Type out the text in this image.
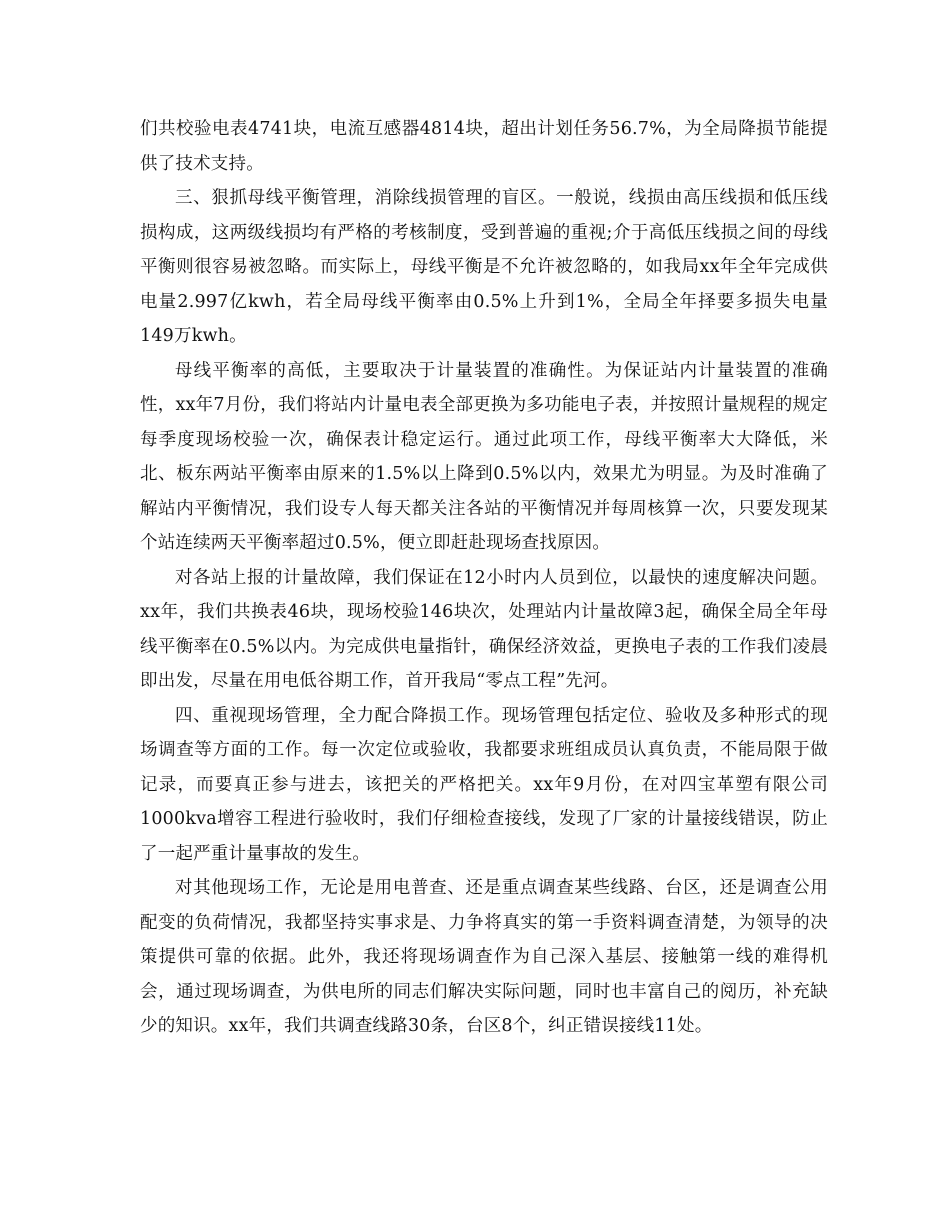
们共校验电表4741块，电流互感器4814块，超出计划任务56.7%，为全局降损节能提供了技术支持。

三、狠抓母线平衡管理，消除线损管理的盲区。一般说，线损由高压线损和低压线损构成，这两级线损均有严格的考核制度，受到普遍的重视;介于高低压线损之间的母线平衡则很容易被忽略。而实际上，母线平衡是不允许被忽略的，如我局xx年全年完成供电量2.997亿kwh，若全局母线平衡率由0.5%上升到1%，全局全年择要多损失电量149万kwh。

母线平衡率的高低，主要取决于计量装置的准确性。为保证站内计量装置的准确性，xx年7月份，我们将站内计量电表全部更换为多功能电子表，并按照计量规程的规定每季度现场校验一次，确保表计稳定运行。通过此项工作，母线平衡率大大降低，米北、板东两站平衡率由原来的1.5%以上降到0.5%以内，效果尤为明显。为及时准确了解站内平衡情况，我们设专人每天都关注各站的平衡情况并每周核算一次，只要发现某个站连续两天平衡率超过0.5%，便立即赶赴现场查找原因。

对各站上报的计量故障，我们保证在12小时内人员到位，以最快的速度解决问题。xx年，我们共换表46块，现场校验146块次，处理站内计量故障3起，确保全局全年母线平衡率在0.5%以内。为完成供电量指针，确保经济效益，更换电子表的工作我们凌晨即出发，尽量在用电低谷期工作，首开我局“零点工程”先河。

四、重视现场管理，全力配合降损工作。现场管理包括定位、验收及多种形式的现场调查等方面的工作。每一次定位或验收，我都要求班组成员认真负责，不能局限于做记录，而要真正参与进去，该把关的严格把关。xx年9月份，在对四宝革塑有限公司1000kva增容工程进行验收时，我们仔细检查接线，发现了厂家的计量接线错误，防止了一起严重计量事故的发生。

对其他现场工作，无论是用电普查、还是重点调查某些线路、台区，还是调查公用配变的负荷情况，我都坚持实事求是、力争将真实的第一手资料调查清楚，为领导的决策提供可靠的依据。此外，我还将现场调查作为自己深入基层、接触第一线的难得机会，通过现场调查，为供电所的同志们解决实际问题，同时也丰富自己的阅历，补充缺少的知识。xx年，我们共调查线路30条，台区8个，纠正错误接线11处。
